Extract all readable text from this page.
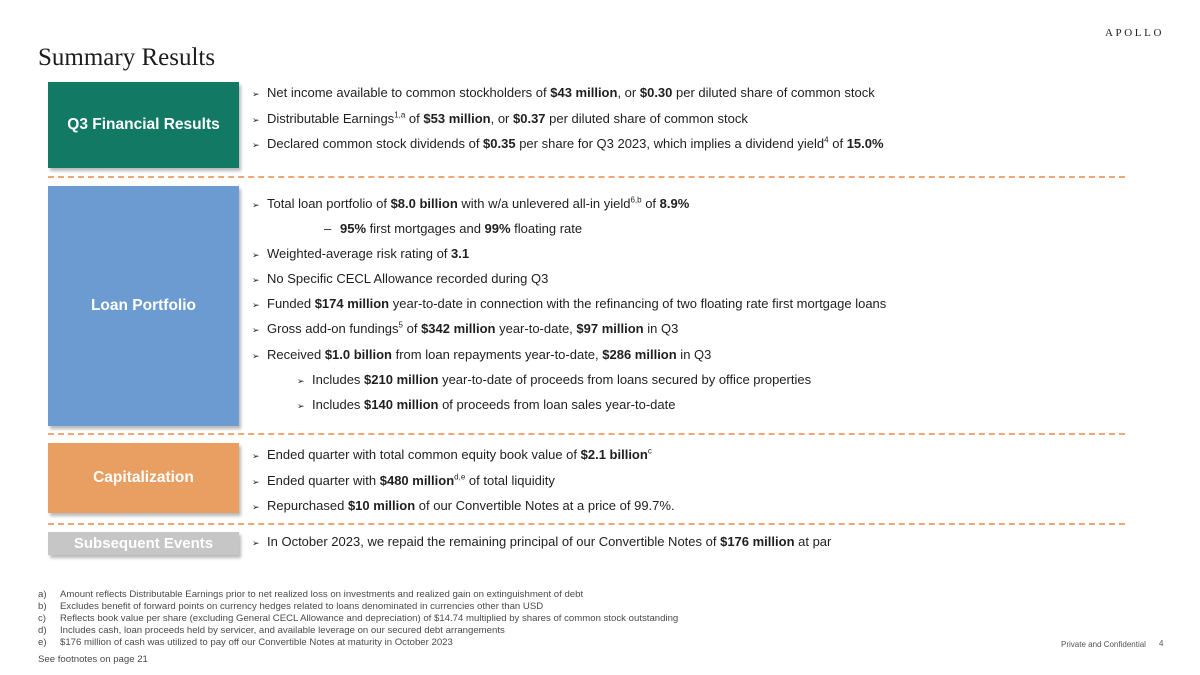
APOLLO
Summary Results
Q3 Financial Results
Loan Portfolio
Capitalization
Subsequent Events
➢ Net income available to common stockholders of $43 million, or $0.30 per diluted share of common stock
➢ Distributable Earnings$^{1,a}$ of $53 million, or $0.37 per diluted share of common stock
➢ Declared common stock dividends of $0.35 per share for Q3 2023, which implies a dividend yield$^4$ of 15.0%
➢ Total loan portfolio of $8.0 billion with w/a unlevered all-in yield$^{6,b}$ of 8.9%
– 95% first mortgages and 99% floating rate
➢ Weighted-average risk rating of 3.1
➢ No Specific CECL Allowance recorded during Q3
➢ Funded $174 million year-to-date in connection with the refinancing of two floating rate first mortgage loans
➢ Gross add-on fundings$^5$ of $342 million year-to-date, $97 million in Q3
➢ Received $1.0 billion from loan repayments year-to-date, $286 million in Q3
➢ Includes $210 million year-to-date of proceeds from loans secured by office properties
➢ Includes $140 million of proceeds from loan sales year-to-date
➢ Ended quarter with total common equity book value of $2.1 billion$^c$
➢ Ended quarter with $480 million$^{d,e}$ of total liquidity
➢ Repurchased $10 million of our Convertible Notes at a price of 99.7%.
➢ In October 2023, we repaid the remaining principal of our Convertible Notes of $176 million at par
a) Amount reflects Distributable Earnings prior to net realized loss on investments and realized gain on extinguishment of debt
b) Excludes benefit of forward points on currency hedges related to loans denominated in currencies other than USD
c) Reflects book value per share (excluding General CECL Allowance and depreciation) of $14.74 multiplied by shares of common stock outstanding
d) Includes cash, loan proceeds held by servicer, and available leverage on our secured debt arrangements
e) $176 million of cash was utilized to pay off our Convertible Notes at maturity in October 2023
See footnotes on page 21
Private and Confidential 4
